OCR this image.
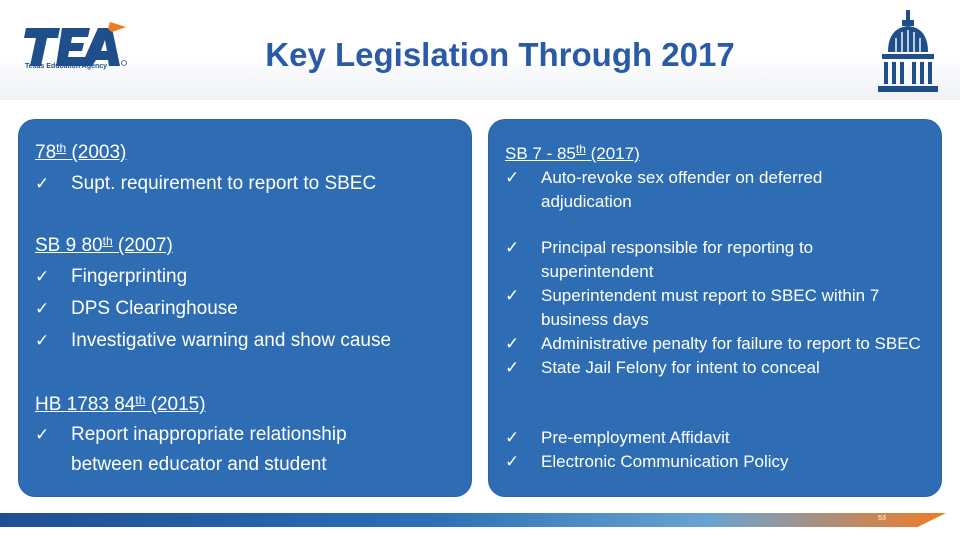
Texas Education Agency	Key Legislation Through 2017
78th (2003)
✓ Supt. requirement to report to SBEC
SB 9 80th (2007)
✓ Fingerprinting
✓ DPS Clearinghouse
✓ Investigative warning and show cause
HB 1783 84th (2015)
✓ Report inappropriate relationship between educator and student
SB 7 - 85th (2017)
✓ Auto-revoke sex offender on deferred adjudication
✓ Principal responsible for reporting to superintendent
✓ Superintendent must report to SBEC within 7 business days
✓ Administrative penalty for failure to report to SBEC
✓ State Jail Felony for intent to conceal
✓ Pre-employment Affidavit
✓ Electronic Communication Policy
53
